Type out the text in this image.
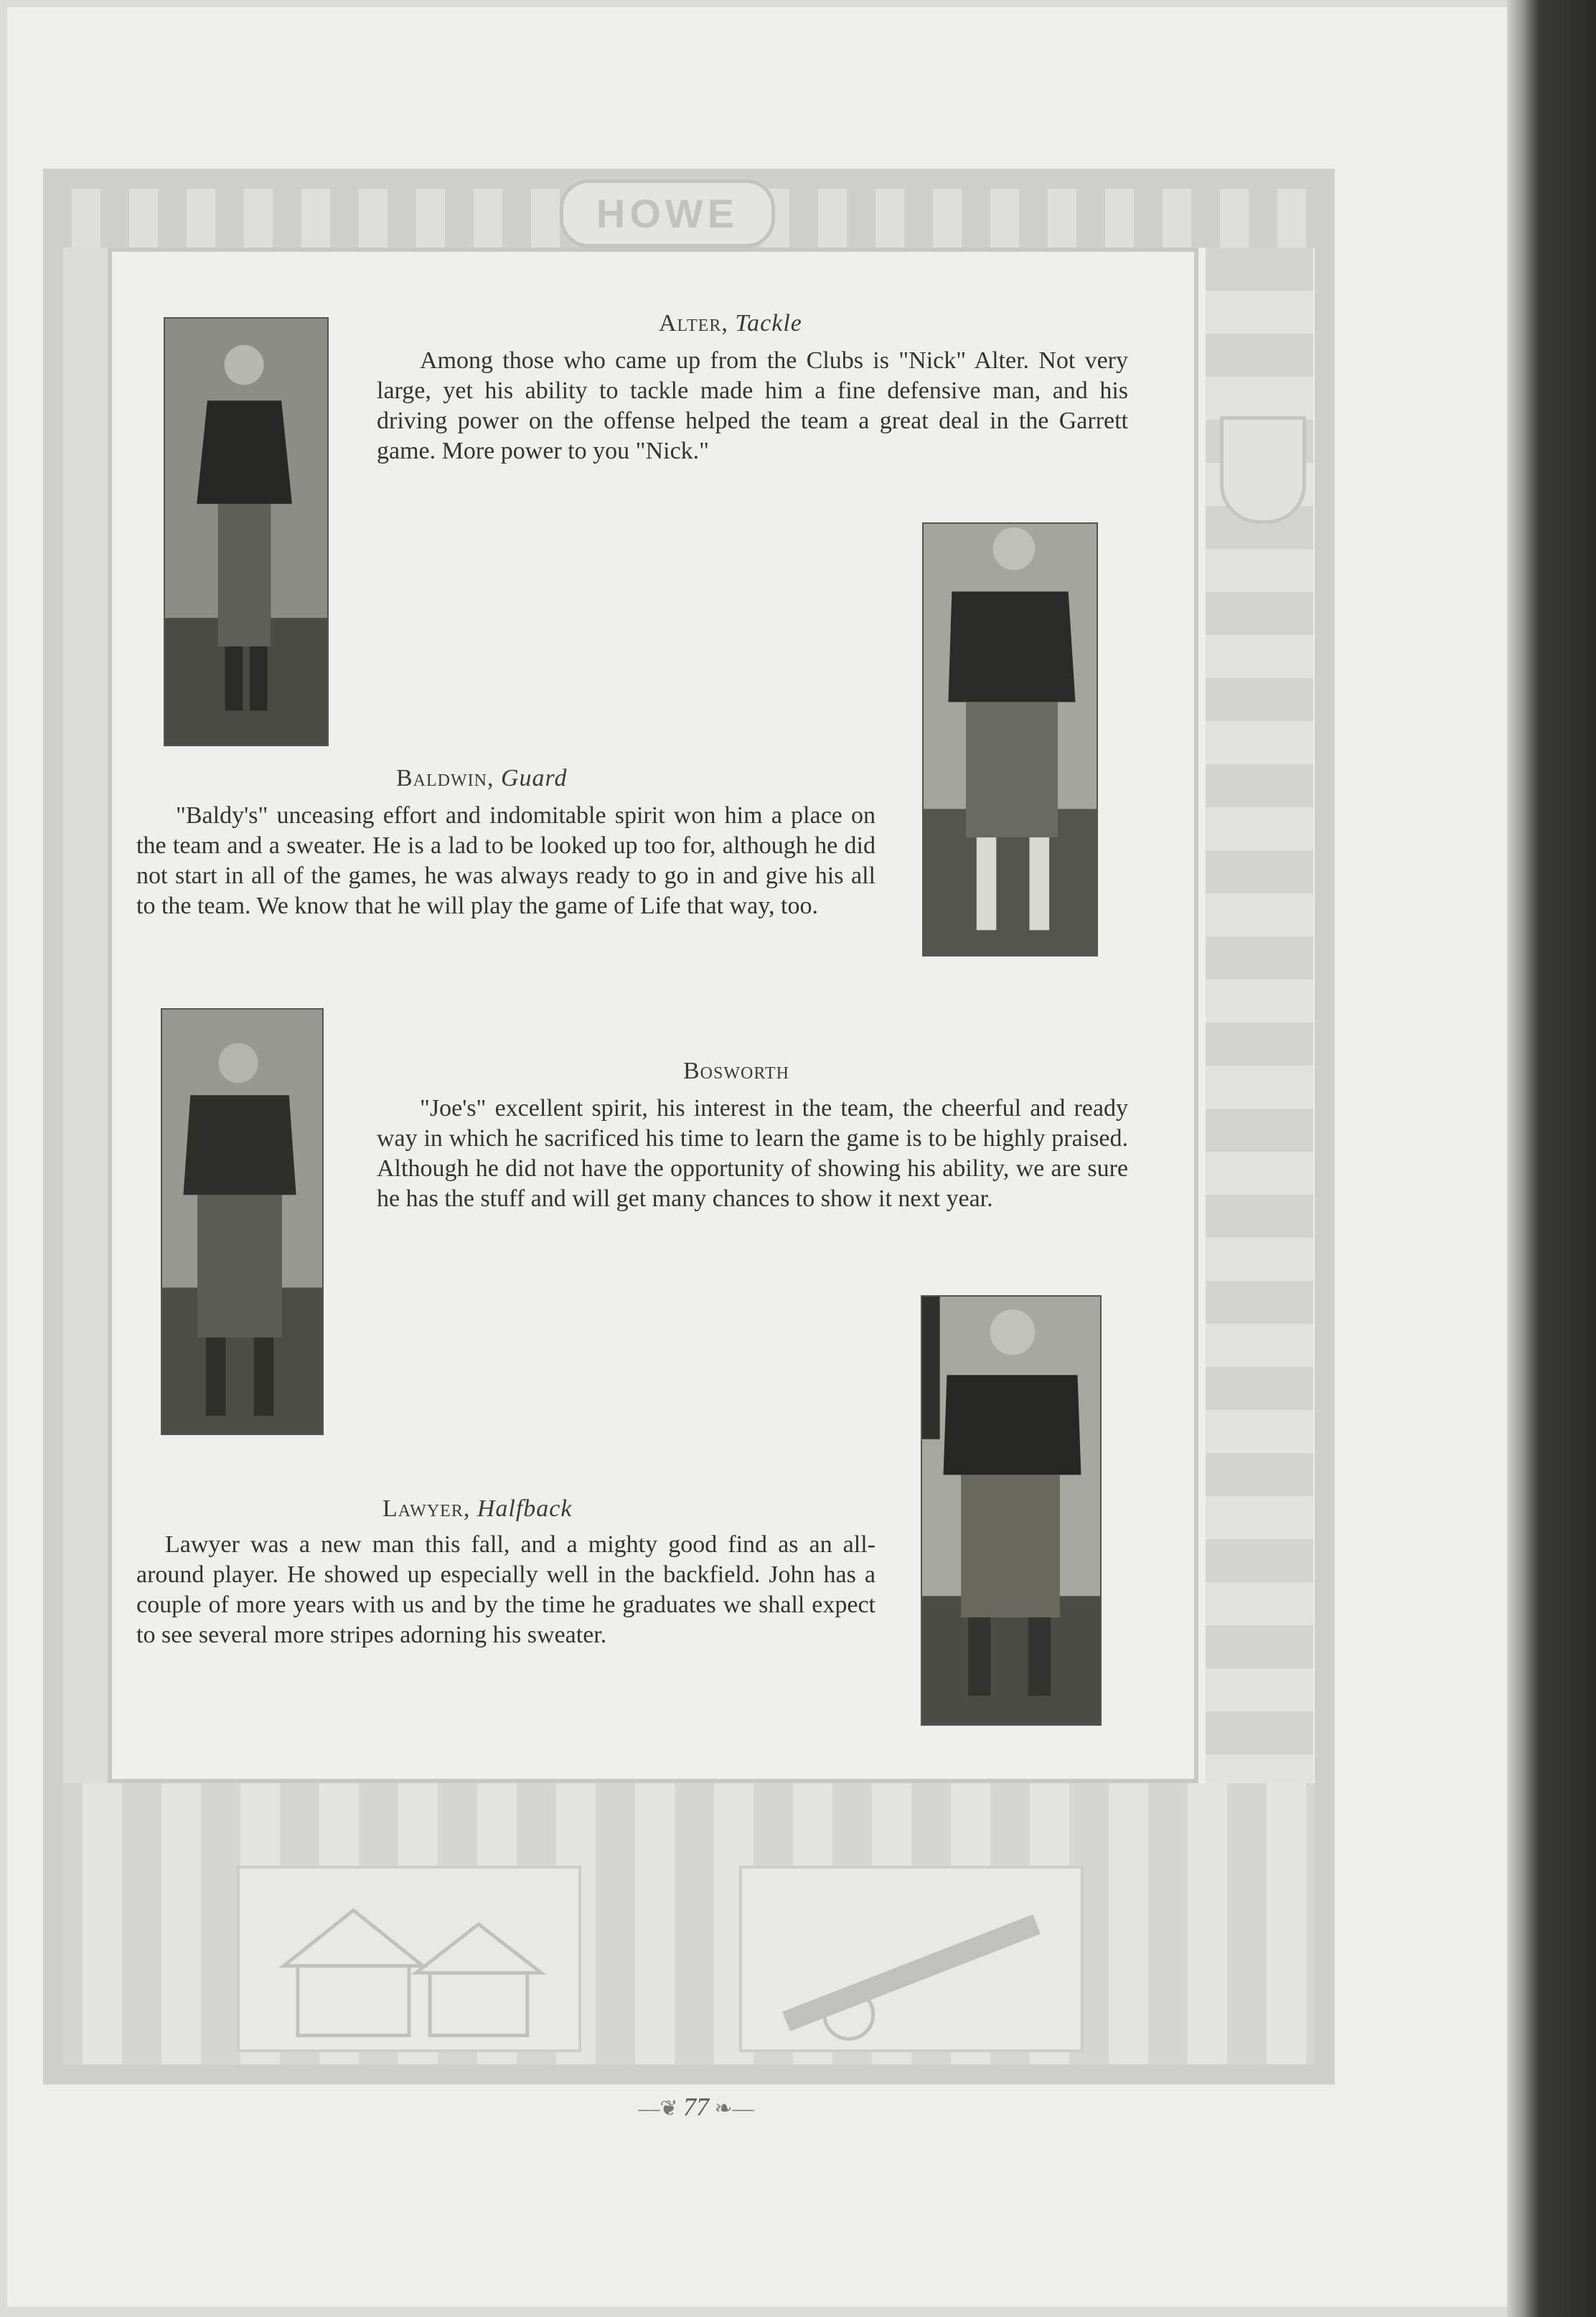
HOWE
Alter, Tackle

Among those who came up from the Clubs is "Nick" Alter. Not very large, yet his ability to tackle made him a fine defensive man, and his driving power on the offense helped the team a great deal in the Garrett game. More power to you "Nick."

Baldwin, Guard

"Baldy's" unceasing effort and indomitable spirit won him a place on the team and a sweater. He is a lad to be looked up too for, although he did not start in all of the games, he was always ready to go in and give his all to the team. We know that he will play the game of Life that way, too.

Bosworth

"Joe's" excellent spirit, his interest in the team, the cheerful and ready way in which he sacrificed his time to learn the game is to be highly praised. Although he did not have the opportunity of showing his ability, we are sure he has the stuff and will get many chances to show it next year.

Lawyer, Halfback

Lawyer was a new man this fall, and a mighty good find as an all-around player. He showed up especially well in the backfield. John has a couple of more years with us and by the time he graduates we shall expect to see several more stripes adorning his sweater.

—❦ 77 ❧—
